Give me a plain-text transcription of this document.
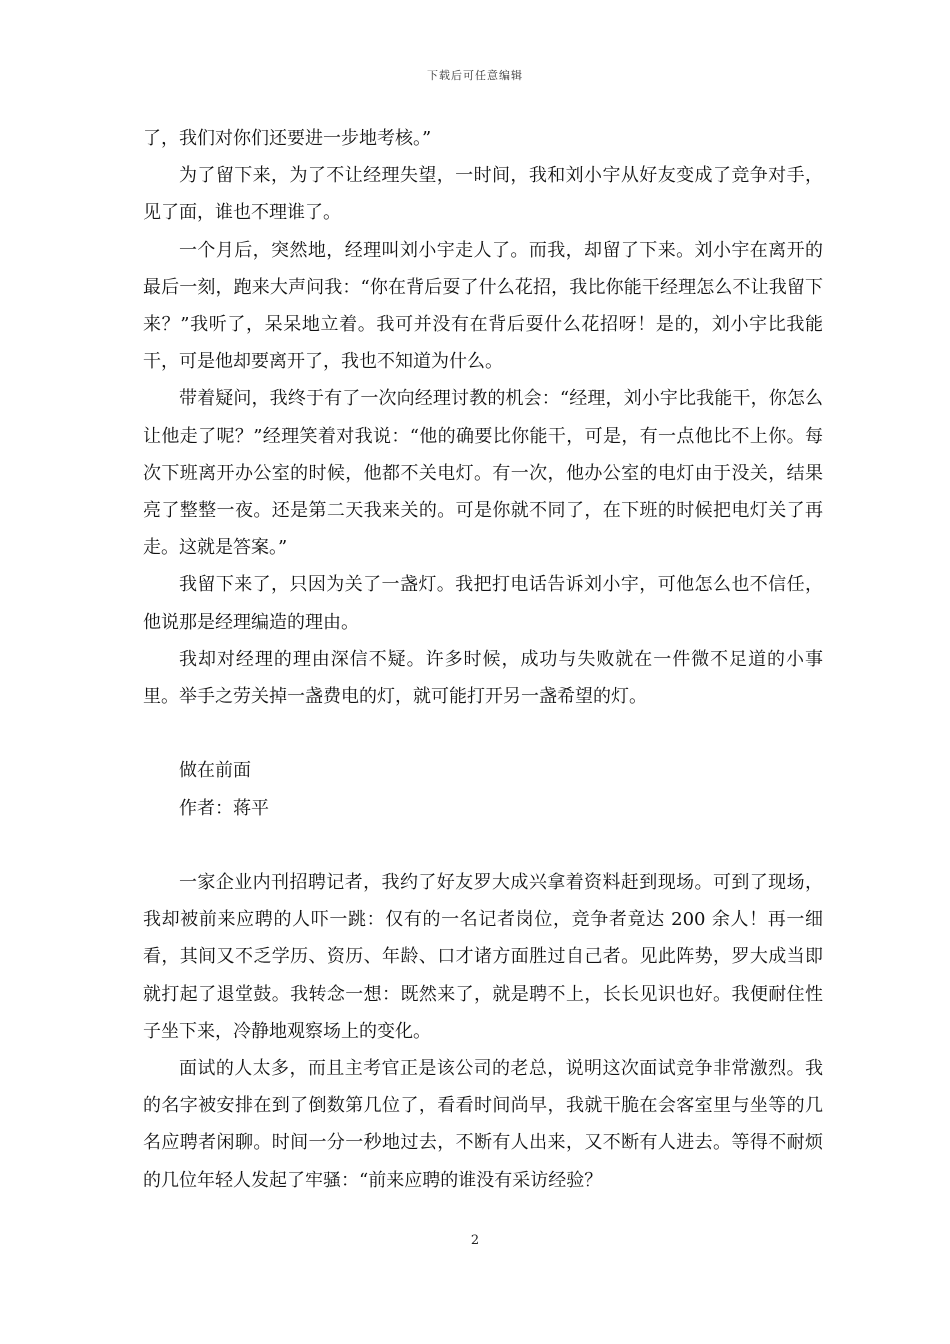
下载后可任意编辑

了，我们对你们还要进一步地考核。”

为了留下来，为了不让经理失望，一时间，我和刘小宇从好友变成了竞争对手，见了面，谁也不理谁了。

一个月后，突然地，经理叫刘小宇走人了。而我，却留了下来。刘小宇在离开的最后一刻，跑来大声问我：“你在背后耍了什么花招，我比你能干经理怎么不让我留下来？”我听了，呆呆地立着。我可并没有在背后耍什么花招呀！是的，刘小宇比我能干，可是他却要离开了，我也不知道为什么。

带着疑问，我终于有了一次向经理讨教的机会：“经理，刘小宇比我能干，你怎么让他走了呢？”经理笑着对我说：“他的确要比你能干，可是，有一点他比不上你。每次下班离开办公室的时候，他都不关电灯。有一次，他办公室的电灯由于没关，结果亮了整整一夜。还是第二天我来关的。可是你就不同了，在下班的时候把电灯关了再走。这就是答案。”

我留下来了，只因为关了一盏灯。我把打电话告诉刘小宇，可他怎么也不信任，他说那是经理编造的理由。

我却对经理的理由深信不疑。许多时候，成功与失败就在一件微不足道的小事里。举手之劳关掉一盏费电的灯，就可能打开另一盏希望的灯。

做在前面

作者：蒋平

一家企业内刊招聘记者，我约了好友罗大成兴拿着资料赶到现场。可到了现场，我却被前来应聘的人吓一跳：仅有的一名记者岗位，竞争者竟达 200 余人！再一细看，其间又不乏学历、资历、年龄、口才诸方面胜过自己者。见此阵势，罗大成当即就打起了退堂鼓。我转念一想：既然来了，就是聘不上，长长见识也好。我便耐住性子坐下来，冷静地观察场上的变化。

面试的人太多，而且主考官正是该公司的老总，说明这次面试竞争非常激烈。我的名字被安排在到了倒数第几位了，看看时间尚早，我就干脆在会客室里与坐等的几名应聘者闲聊。时间一分一秒地过去，不断有人出来，又不断有人进去。等得不耐烦的几位年轻人发起了牢骚：“前来应聘的谁没有采访经验？

2
